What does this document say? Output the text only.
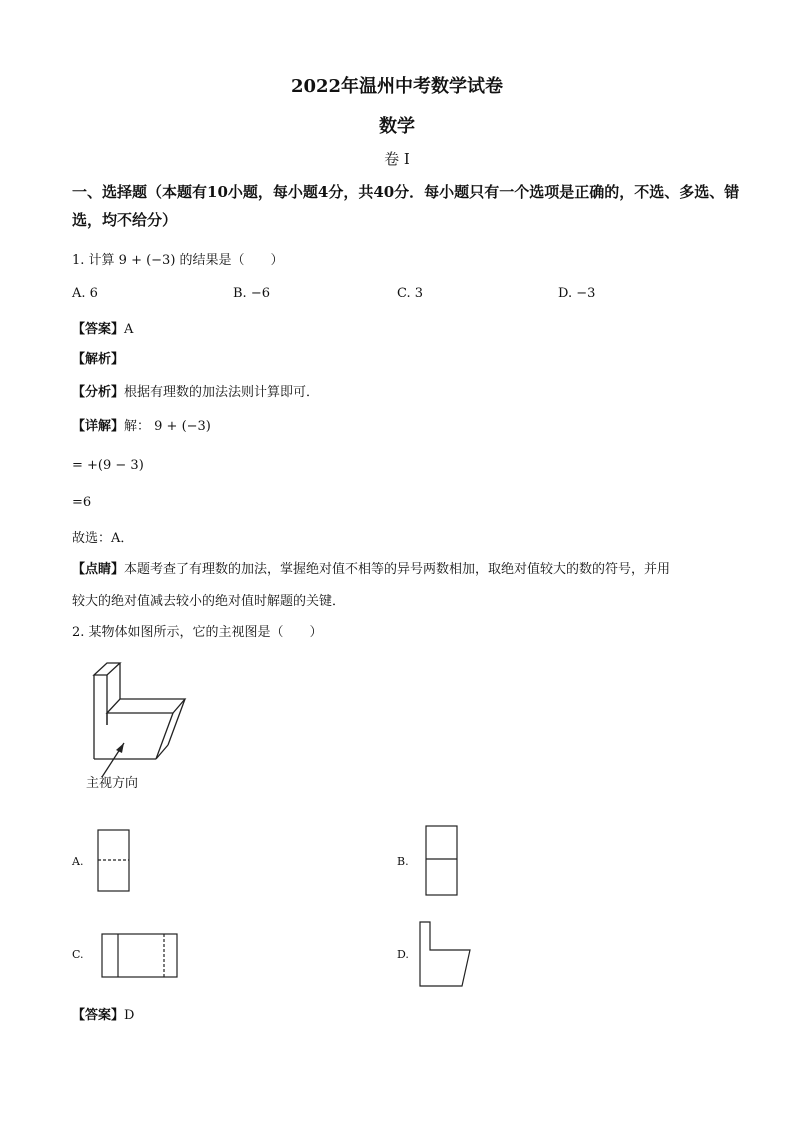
2022年温州中考数学试卷
数学
卷 I
一、选择题（本题有10小题，每小题4分，共40分．每小题只有一个选项是正确的，不选、多选、错选，均不给分）
1. 计算 9 + (−3) 的结果是（　　）
A. 6	B. −6	C. 3	D. −3
【答案】A
【解析】
【分析】根据有理数的加法法则计算即可．
【详解】解： 9 + (−3)
= +(9 − 3)
=6
故选：A．
【点睛】本题考查了有理数的加法，掌握绝对值不相等的异号两数相加，取绝对值较大的数的符号，并用
较大的绝对值减去较小的绝对值时解题的关键．
2. 某物体如图所示，它的主视图是（　　）
主视方向
A.	B.
C.	D.
【答案】D
